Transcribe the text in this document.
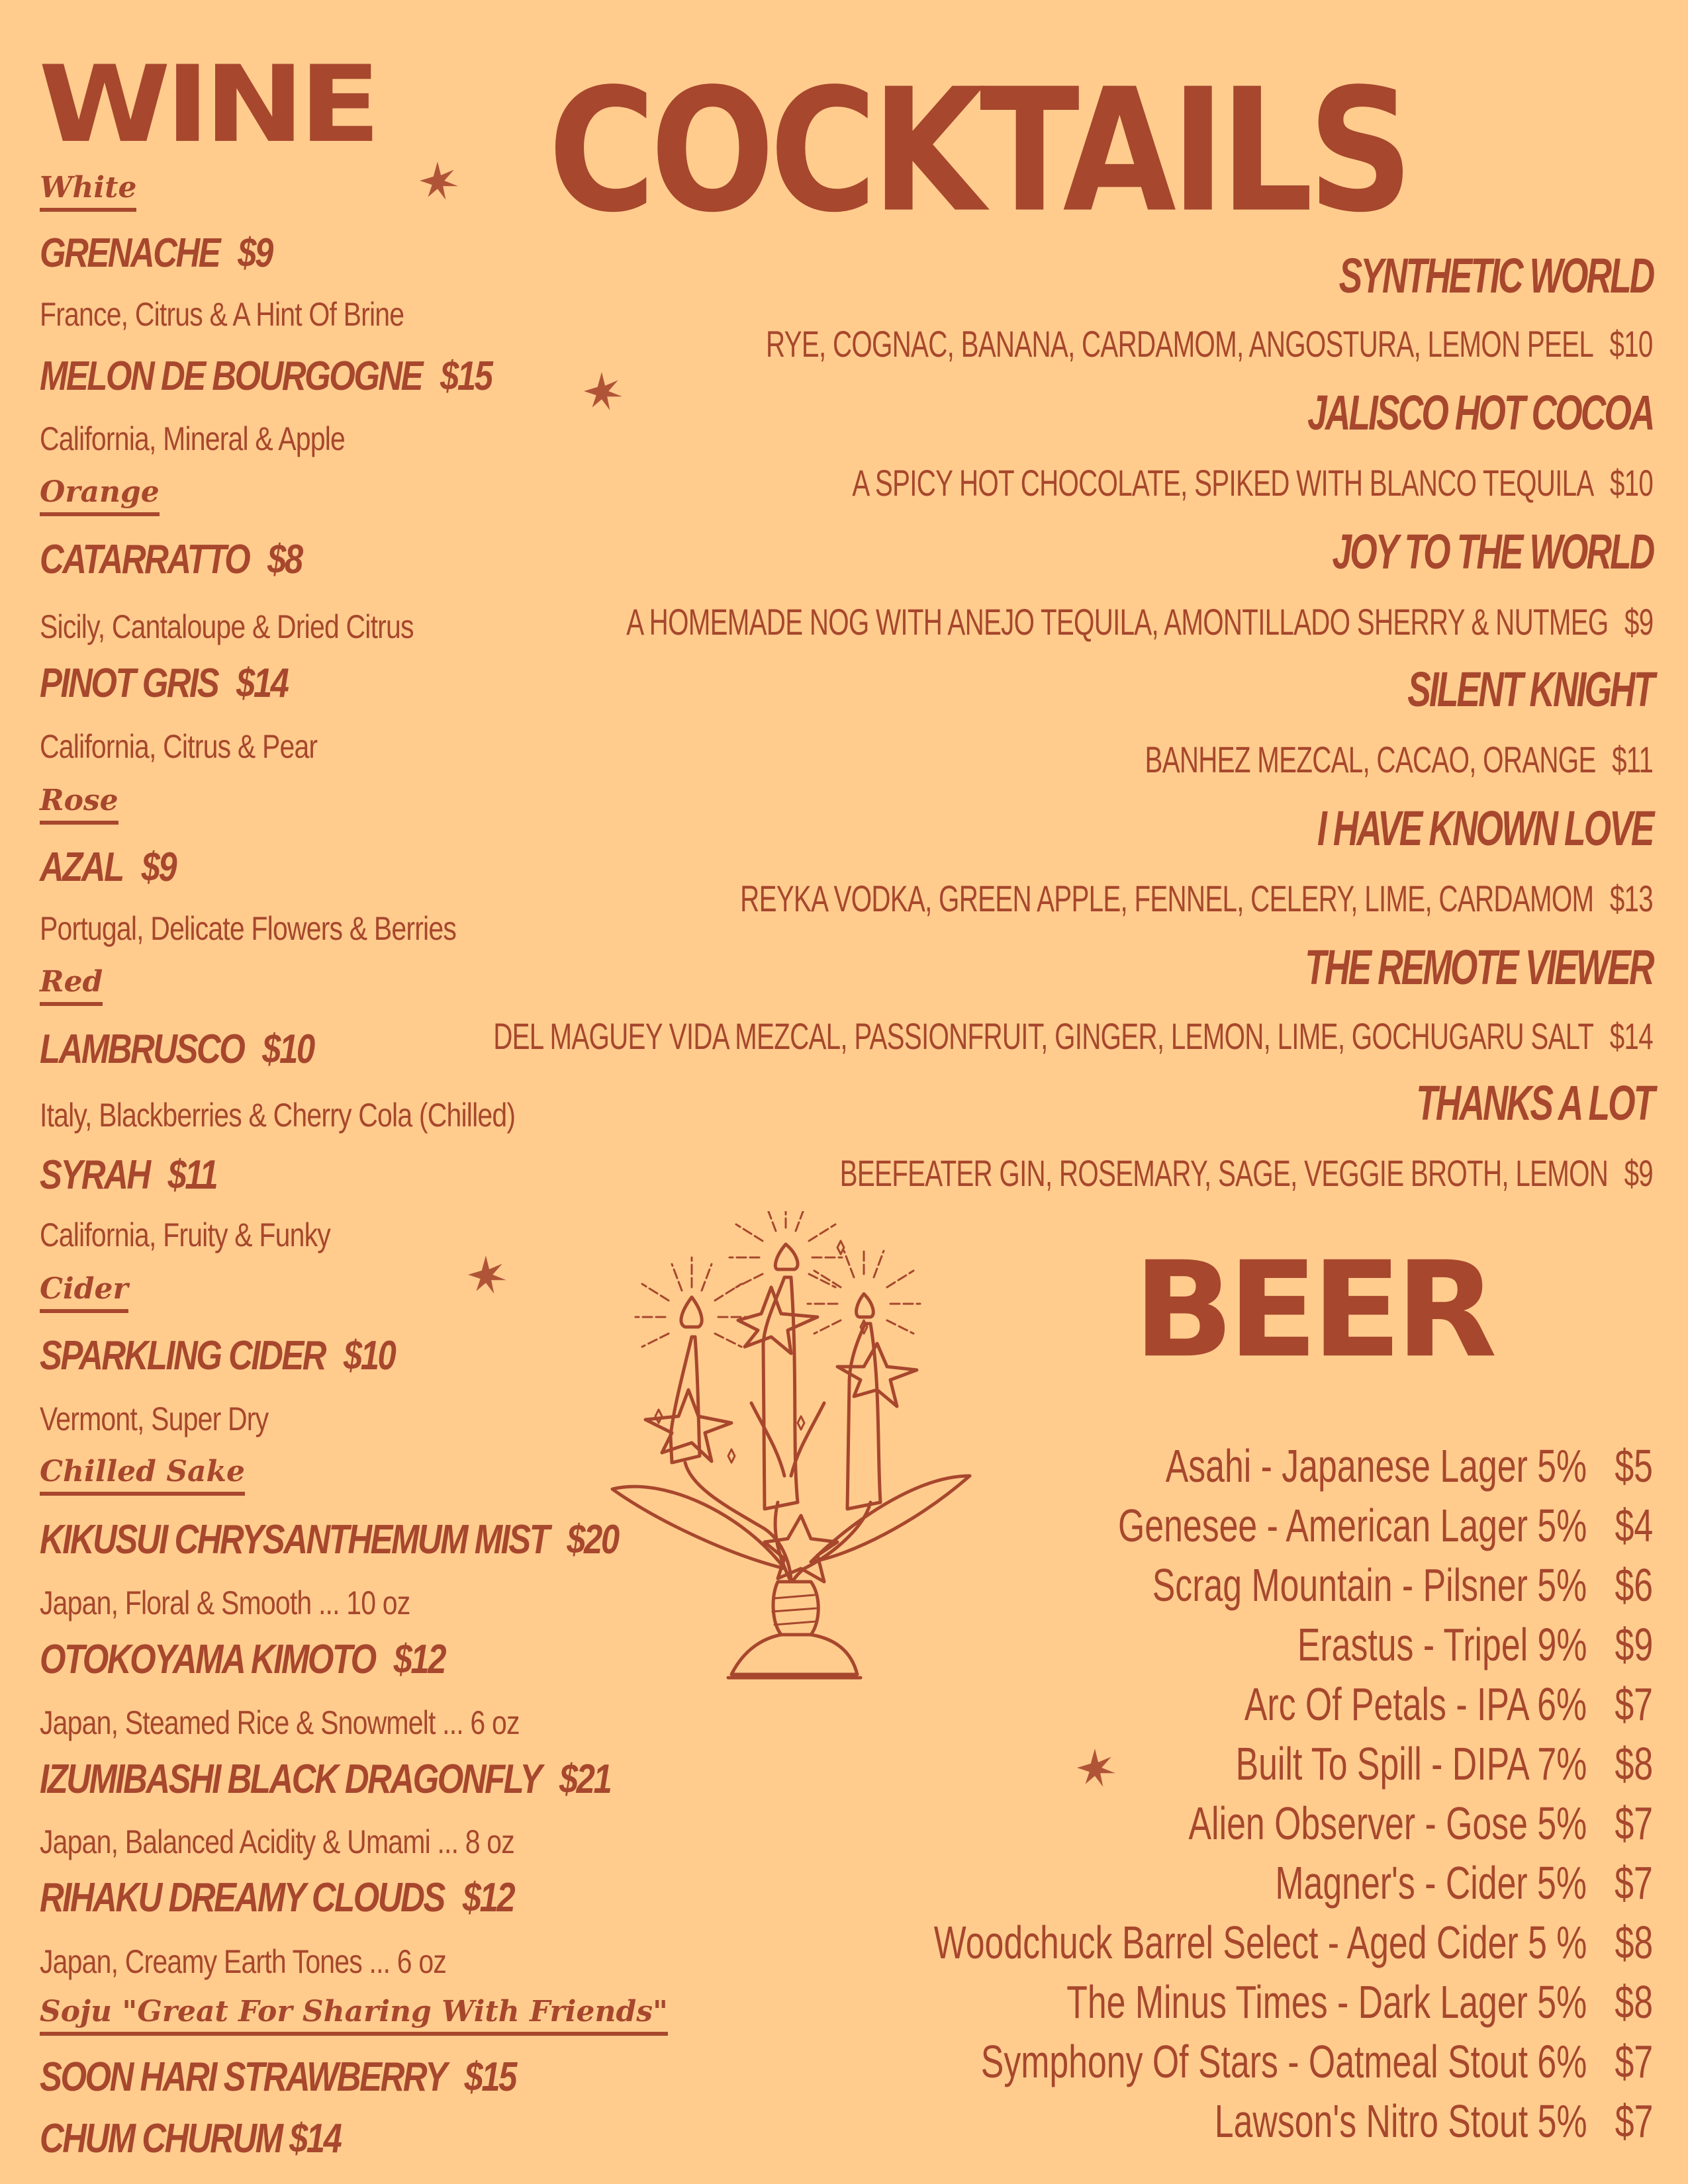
WINE COCKTAILS
BEER
White
GRENACHE $9
France, Citrus & A Hint Of Brine
MELON DE BOURGOGNE $15
California, Mineral & Apple
Orange
CATARRATTO $8
Sicily, Cantaloupe & Dried Citrus
PINOT GRIS $14
California, Citrus & Pear
Rose
AZAL $9
Portugal, Delicate Flowers & Berries
Red
LAMBRUSCO $10
Italy, Blackberries & Cherry Cola (Chilled)
SYRAH $11
California, Fruity & Funky
Cider
SPARKLING CIDER $10
Vermont, Super Dry
Chilled Sake
KIKUSUI CHRYSANTHEMUM MIST $20
Japan, Floral & Smooth ... 10 oz
OTOKOYAMA KIMOTO $12
Japan, Steamed Rice & Snowmelt ... 6 oz
IZUMIBASHI BLACK DRAGONFLY $21
Japan, Balanced Acidity & Umami ... 8 oz
RIHAKU DREAMY CLOUDS $12
Japan, Creamy Earth Tones ... 6 oz
Soju "Great For Sharing With Friends"
SOON HARI STRAWBERRY $15
CHUM CHURUM $14
SYNTHETIC WORLD
RYE, COGNAC, BANANA, CARDAMOM, ANGOSTURA, LEMON PEEL $10
JALISCO HOT COCOA
A SPICY HOT CHOCOLATE, SPIKED WITH BLANCO TEQUILA $10
JOY TO THE WORLD
A HOMEMADE NOG WITH ANEJO TEQUILA, AMONTILLADO SHERRY & NUTMEG $9
SILENT KNIGHT
BANHEZ MEZCAL, CACAO, ORANGE $11
I HAVE KNOWN LOVE
REYKA VODKA, GREEN APPLE, FENNEL, CELERY, LIME, CARDAMOM $13
THE REMOTE VIEWER
DEL MAGUEY VIDA MEZCAL, PASSIONFRUIT, GINGER, LEMON, LIME, GOCHUGARU SALT $14
THANKS A LOT
BEEFEATER GIN, ROSEMARY, SAGE, VEGGIE BROTH, LEMON $9
Asahi - Japanese Lager 5% $5
Genesee - American Lager 5% $4
Scrag Mountain - Pilsner 5% $6
Erastus - Tripel 9% $9
Arc Of Petals - IPA 6% $7
Built To Spill - DIPA 7% $8
Alien Observer - Gose 5% $7
Magner's - Cider 5% $7
Woodchuck Barrel Select - Aged Cider 5 % $8
The Minus Times - Dark Lager 5% $8
Symphony Of Stars - Oatmeal Stout 6% $7
Lawson's Nitro Stout 5% $7
